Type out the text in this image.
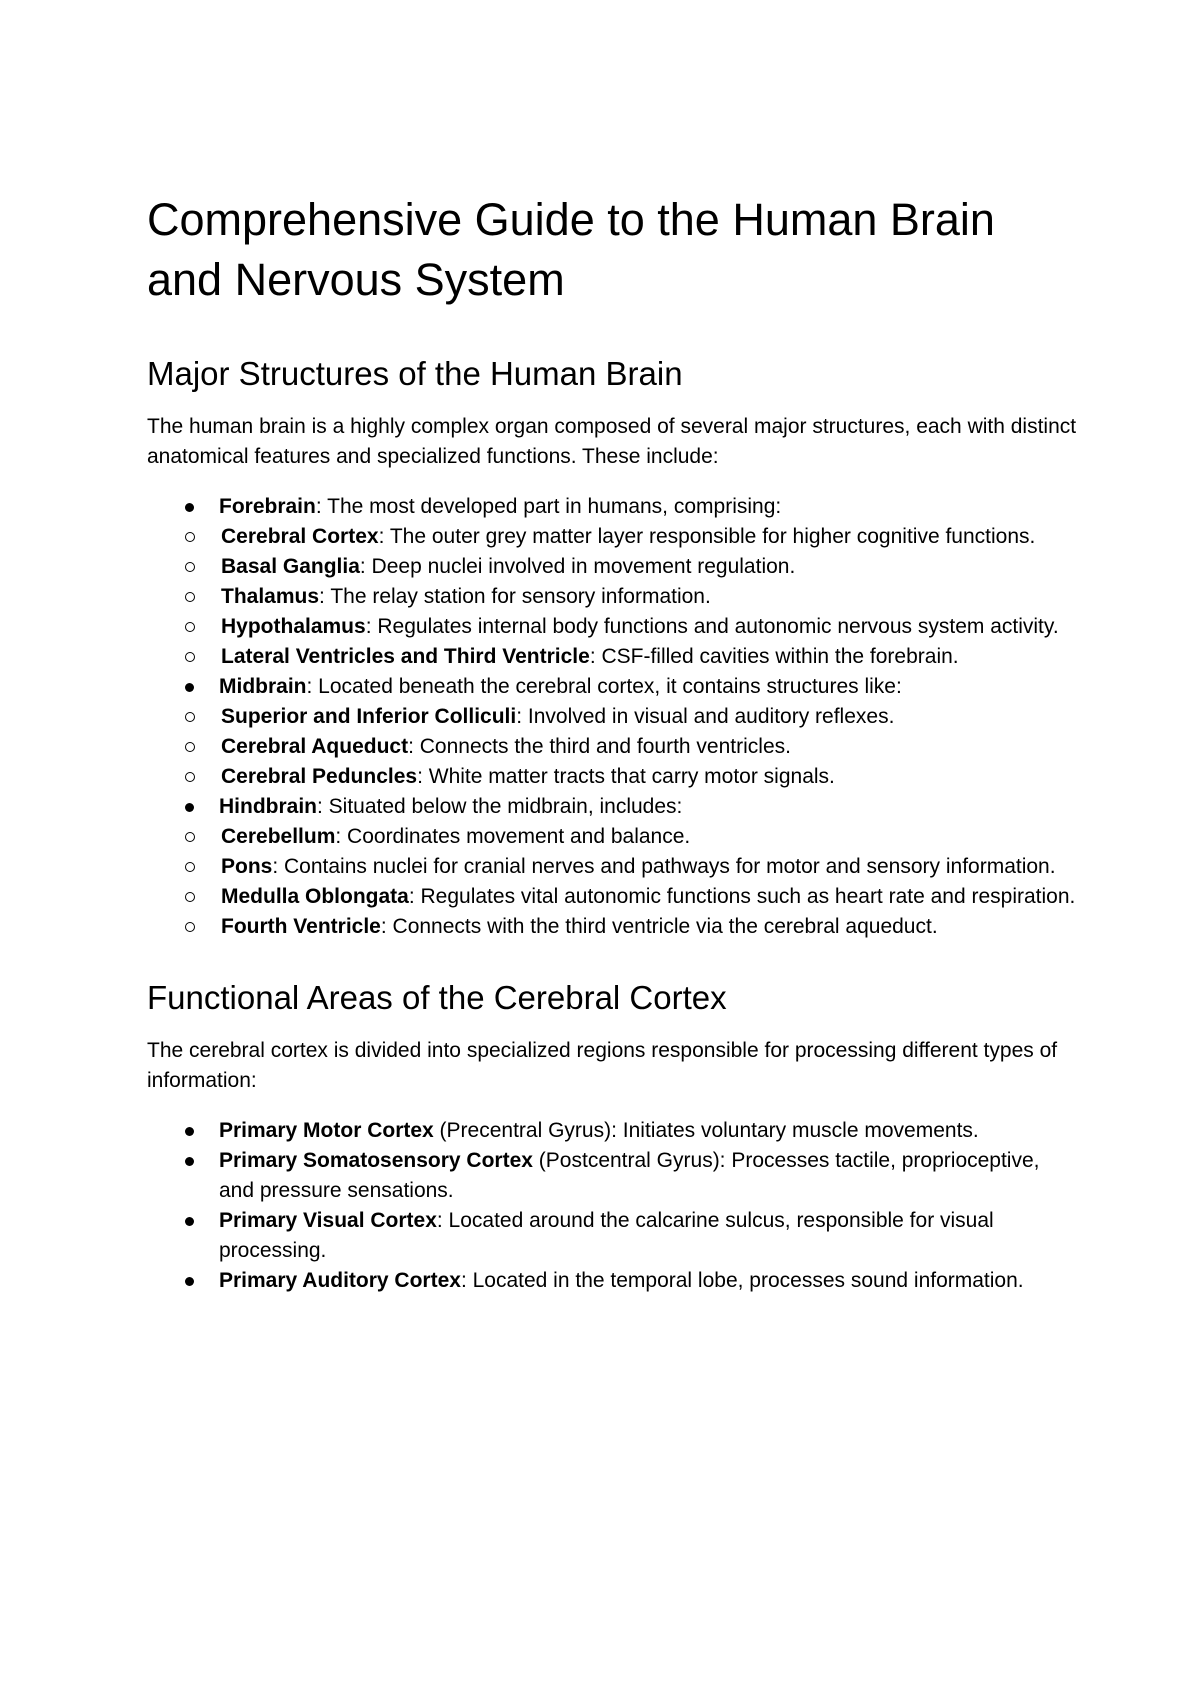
Comprehensive Guide to the Human Brain and Nervous System
Major Structures of the Human Brain

The human brain is a highly complex organ composed of several major structures, each with distinct anatomical features and specialized functions. These include:

Forebrain: The most developed part in humans, comprising:
Cerebral Cortex: The outer grey matter layer responsible for higher cognitive functions.
Basal Ganglia: Deep nuclei involved in movement regulation.
Thalamus: The relay station for sensory information.
Hypothalamus: Regulates internal body functions and autonomic nervous system activity.
Lateral Ventricles and Third Ventricle: CSF-filled cavities within the forebrain.
Midbrain: Located beneath the cerebral cortex, it contains structures like:
Superior and Inferior Colliculi: Involved in visual and auditory reflexes.
Cerebral Aqueduct: Connects the third and fourth ventricles.
Cerebral Peduncles: White matter tracts that carry motor signals.
Hindbrain: Situated below the midbrain, includes:
Cerebellum: Coordinates movement and balance.
Pons: Contains nuclei for cranial nerves and pathways for motor and sensory information.
Medulla Oblongata: Regulates vital autonomic functions such as heart rate and respiration.
Fourth Ventricle: Connects with the third ventricle via the cerebral aqueduct.
Functional Areas of the Cerebral Cortex

The cerebral cortex is divided into specialized regions responsible for processing different types of information:

Primary Motor Cortex (Precentral Gyrus): Initiates voluntary muscle movements.
Primary Somatosensory Cortex (Postcentral Gyrus): Processes tactile, proprioceptive, and pressure sensations.
Primary Visual Cortex: Located around the calcarine sulcus, responsible for visual processing.
Primary Auditory Cortex: Located in the temporal lobe, processes sound information.
